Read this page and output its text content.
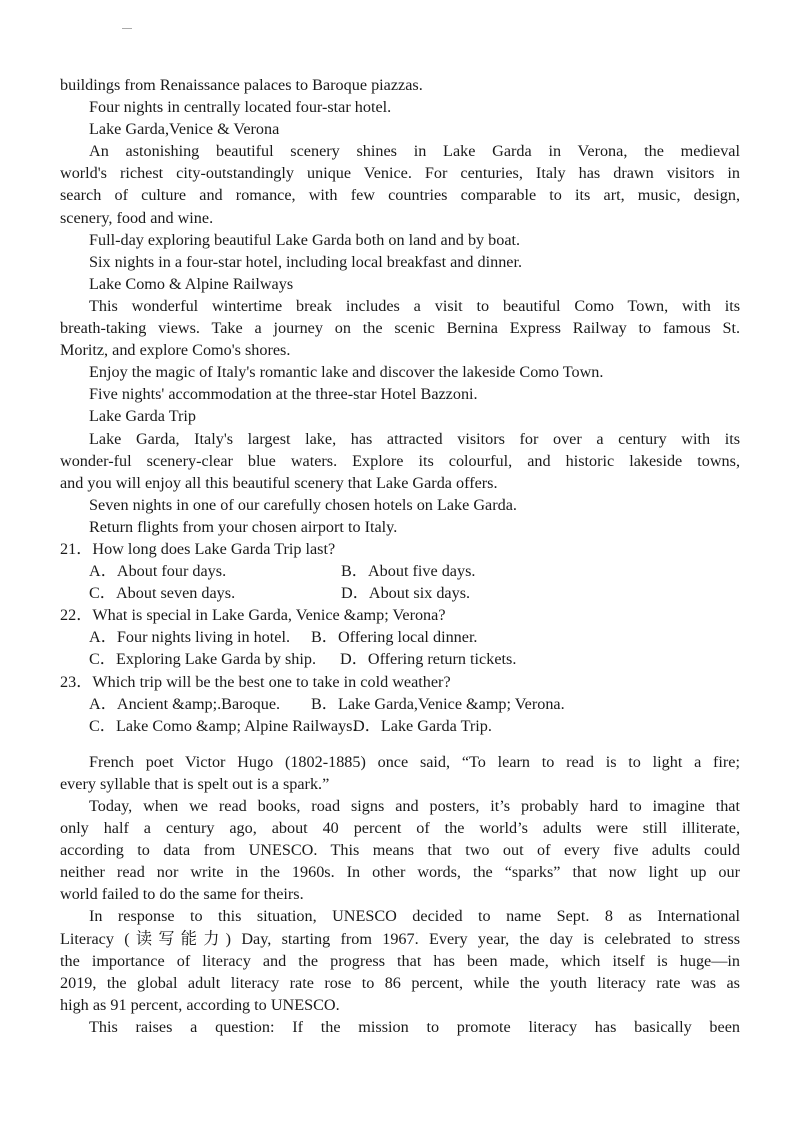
buildings from Renaissance palaces to Baroque piazzas.
Four nights in centrally located four-star hotel.
Lake Garda,Venice & Verona
An astonishing beautiful scenery shines in Lake Garda in Verona, the medieval
world's richest city-outstandingly unique Venice. For centuries, Italy has drawn visitors in
search of culture and romance, with few countries comparable to its art, music, design,
scenery, food and wine.
Full-day exploring beautiful Lake Garda both on land and by boat.
Six nights in a four-star hotel, including local breakfast and dinner.
Lake Como & Alpine Railways
This wonderful wintertime break includes a visit to beautiful Como Town, with its
breath-taking views. Take a journey on the scenic Bernina Express Railway to famous St.
Moritz, and explore Como's shores.
Enjoy the magic of Italy's romantic lake and discover the lakeside Como Town.
Five nights' accommodation at the three-star Hotel Bazzoni.
Lake Garda Trip
Lake Garda, Italy's largest lake, has attracted visitors for over a century with its
wonder-ful scenery-clear blue waters. Explore its colourful, and historic lakeside towns,
and you will enjoy all this beautiful scenery that Lake Garda offers.
Seven nights in one of our carefully chosen hotels on Lake Garda.
Return flights from your chosen airport to Italy.
21．How long does Lake Garda Trip last?
A．About four days.	B．About five days.
C．About seven days.	D．About six days.
22．What is special in Lake Garda, Venice &amp; Verona?
A．Four nights living in hotel.	B．Offering local dinner.
C．Exploring Lake Garda by ship.	D．Offering return tickets.
23．Which trip will be the best one to take in cold weather?
A．Ancient &amp;.Baroque.	B．Lake Garda,Venice &amp; Verona.
C．Lake Como &amp; Alpine Railways.
D．Lake Garda Trip.
French poet Victor Hugo (1802-1885) once said, “To learn to read is to light a fire;
every syllable that is spelt out is a spark.”
Today, when we read books, road signs and posters, it’s probably hard to imagine that
only half a century ago, about 40 percent of the world’s adults were still illiterate,
according to data from UNESCO. This means that two out of every five adults could
neither read nor write in the 1960s. In other words, the “sparks” that now light up our
world failed to do the same for theirs.
In response to this situation, UNESCO decided to name Sept. 8 as International
Literacy (读写能力) Day, starting from 1967. Every year, the day is celebrated to stress
the importance of literacy and the progress that has been made, which itself is huge—in
2019, the global adult literacy rate rose to 86 percent, while the youth literacy rate was as
high as 91 percent, according to UNESCO.
This raises a question: If the mission to promote literacy has basically been
